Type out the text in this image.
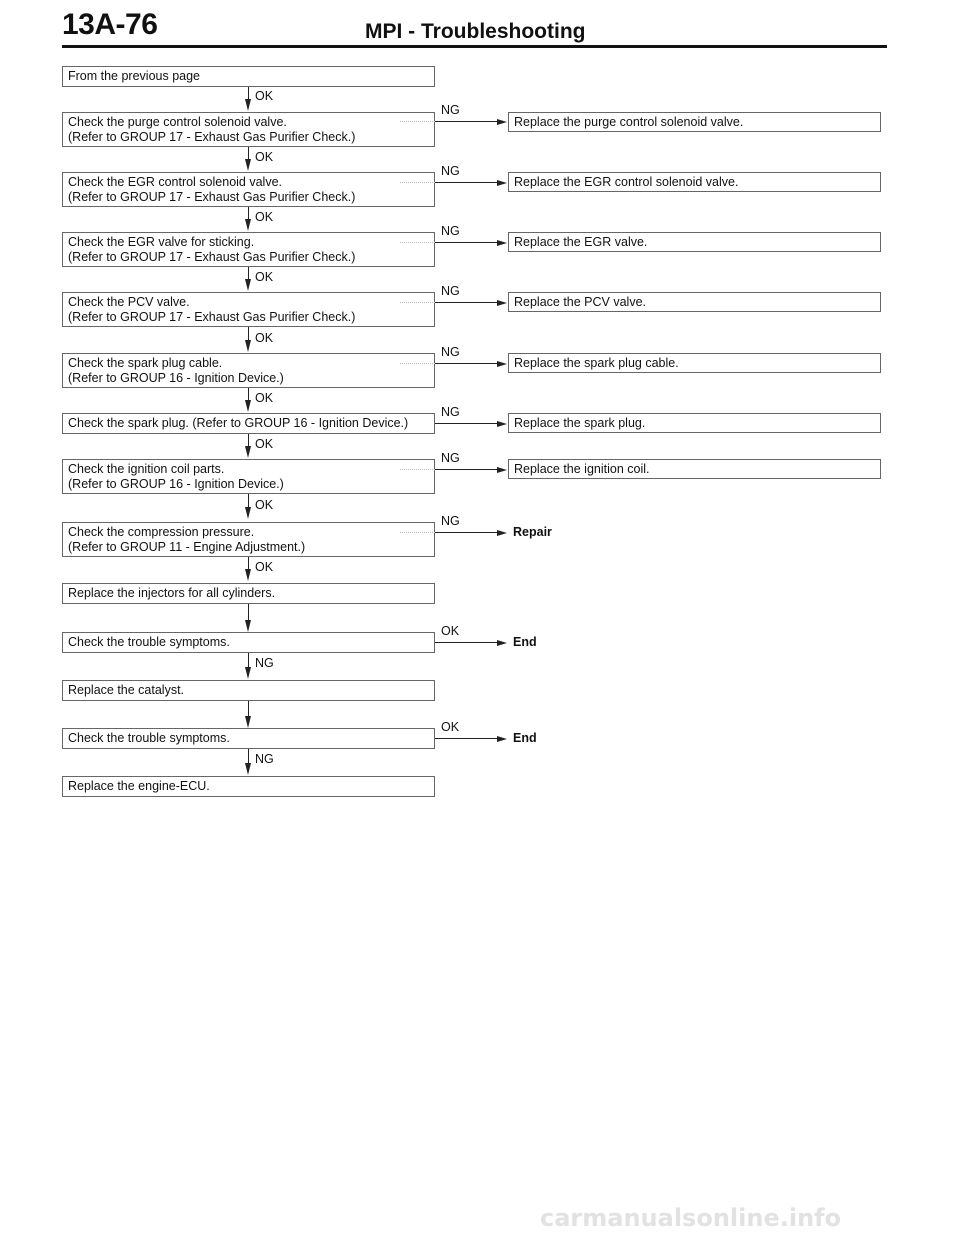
13A-76	MPI - Troubleshooting
From the previous page
OK
Check the purge control solenoid valve.
(Refer to GROUP 17 - Exhaust Gas Purifier Check.)
NG
Replace the purge control solenoid valve.
OK
Check the EGR control solenoid valve.
(Refer to GROUP 17 - Exhaust Gas Purifier Check.)
NG
Replace the EGR control solenoid valve.
OK
Check the EGR valve for sticking.
(Refer to GROUP 17 - Exhaust Gas Purifier Check.)
NG
Replace the EGR valve.
OK
Check the PCV valve.
(Refer to GROUP 17 - Exhaust Gas Purifier Check.)
NG
Replace the PCV valve.
OK
Check the spark plug cable.
(Refer to GROUP 16 - Ignition Device.)
NG
Replace the spark plug cable.
OK
Check the spark plug. (Refer to GROUP 16 - Ignition Device.)
NG
Replace the spark plug.
OK
Check the ignition coil parts.
(Refer to GROUP 16 - Ignition Device.)
NG
Replace the ignition coil.
OK
Check the compression pressure.
(Refer to GROUP 11 - Engine Adjustment.)
NG
Repair
OK
Replace the injectors for all cylinders.
Check the trouble symptoms.
OK
End
NG
Replace the catalyst.
Check the trouble symptoms.
OK
End
NG
Replace the engine-ECU.
carmanualsonline.info
